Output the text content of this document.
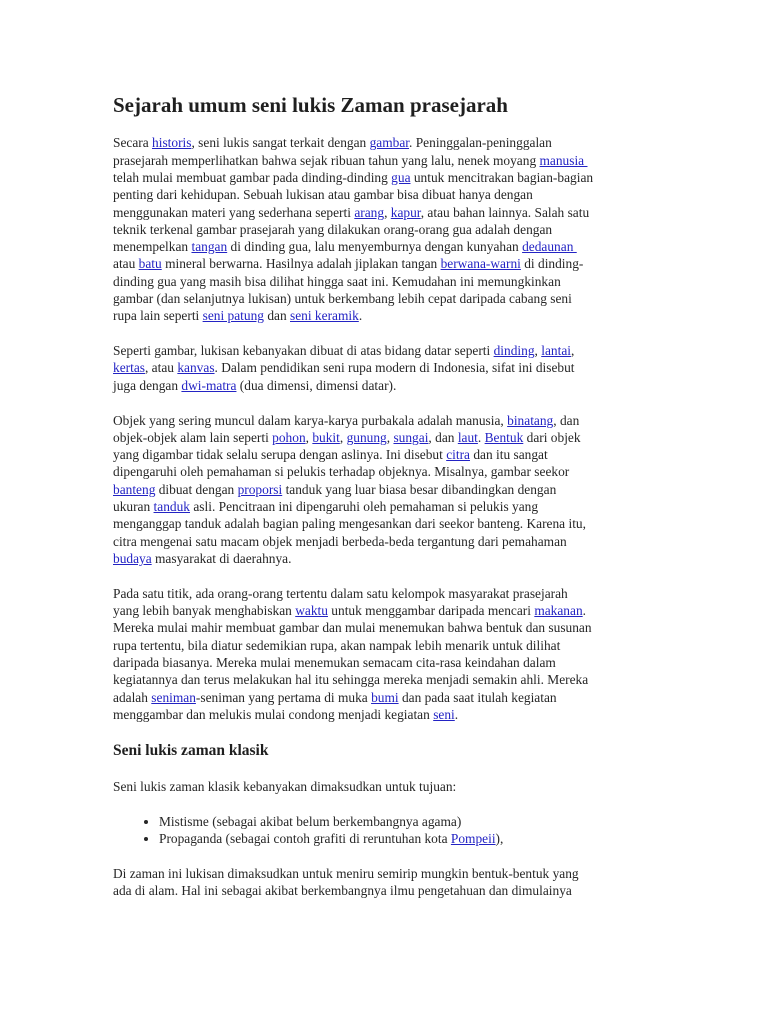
Sejarah umum seni lukis Zaman prasejarah
Secara historis, seni lukis sangat terkait dengan gambar. Peninggalan-peninggalan
prasejarah memperlihatkan bahwa sejak ribuan tahun yang lalu, nenek moyang manusia
telah mulai membuat gambar pada dinding-dinding gua untuk mencitrakan bagian-bagian
penting dari kehidupan. Sebuah lukisan atau gambar bisa dibuat hanya dengan
menggunakan materi yang sederhana seperti arang, kapur, atau bahan lainnya. Salah satu
teknik terkenal gambar prasejarah yang dilakukan orang-orang gua adalah dengan
menempelkan tangan di dinding gua, lalu menyemburnya dengan kunyahan dedaunan
atau batu mineral berwarna. Hasilnya adalah jiplakan tangan berwana-warni di dinding-
dinding gua yang masih bisa dilihat hingga saat ini. Kemudahan ini memungkinkan
gambar (dan selanjutnya lukisan) untuk berkembang lebih cepat daripada cabang seni
rupa lain seperti seni patung dan seni keramik.
Seperti gambar, lukisan kebanyakan dibuat di atas bidang datar seperti dinding, lantai,
kertas, atau kanvas. Dalam pendidikan seni rupa modern di Indonesia, sifat ini disebut
juga dengan dwi-matra (dua dimensi, dimensi datar).
Objek yang sering muncul dalam karya-karya purbakala adalah manusia, binatang, dan
objek-objek alam lain seperti pohon, bukit, gunung, sungai, dan laut. Bentuk dari objek
yang digambar tidak selalu serupa dengan aslinya. Ini disebut citra dan itu sangat
dipengaruhi oleh pemahaman si pelukis terhadap objeknya. Misalnya, gambar seekor
banteng dibuat dengan proporsi tanduk yang luar biasa besar dibandingkan dengan
ukuran tanduk asli. Pencitraan ini dipengaruhi oleh pemahaman si pelukis yang
menganggap tanduk adalah bagian paling mengesankan dari seekor banteng. Karena itu,
citra mengenai satu macam objek menjadi berbeda-beda tergantung dari pemahaman
budaya masyarakat di daerahnya.
Pada satu titik, ada orang-orang tertentu dalam satu kelompok masyarakat prasejarah
yang lebih banyak menghabiskan waktu untuk menggambar daripada mencari makanan.
Mereka mulai mahir membuat gambar dan mulai menemukan bahwa bentuk dan susunan
rupa tertentu, bila diatur sedemikian rupa, akan nampak lebih menarik untuk dilihat
daripada biasanya. Mereka mulai menemukan semacam cita-rasa keindahan dalam
kegiatannya dan terus melakukan hal itu sehingga mereka menjadi semakin ahli. Mereka
adalah seniman-seniman yang pertama di muka bumi dan pada saat itulah kegiatan
menggambar dan melukis mulai condong menjadi kegiatan seni.
Seni lukis zaman klasik
Seni lukis zaman klasik kebanyakan dimaksudkan untuk tujuan:
• Mistisme (sebagai akibat belum berkembangnya agama)
• Propaganda (sebagai contoh grafiti di reruntuhan kota Pompeii),
Di zaman ini lukisan dimaksudkan untuk meniru semirip mungkin bentuk-bentuk yang
ada di alam. Hal ini sebagai akibat berkembangnya ilmu pengetahuan dan dimulainya
